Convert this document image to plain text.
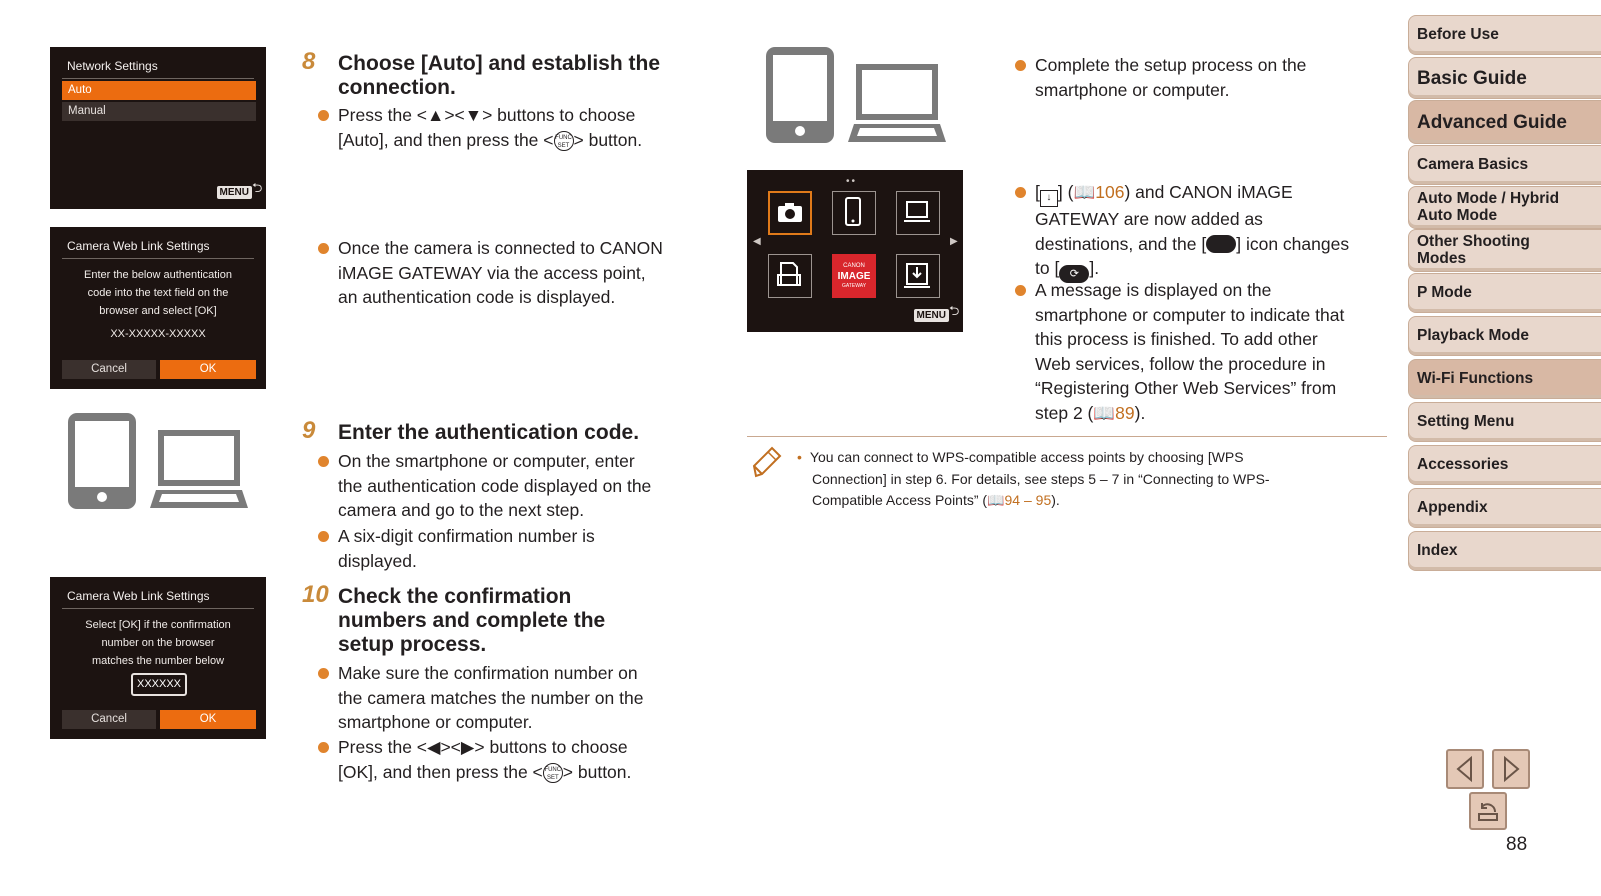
Network Settings
Auto
Manual
MENU ⮌
Camera Web Link Settings
Enter the below authentication
code into the text field on the
browser and select [OK]
XX-XXXXX-XXXXX
Cancel	OK
Camera Web Link Settings
Select [OK] if the confirmation
number on the browser
matches the number below
XXXXXX
Cancel	OK
8 Choose [Auto] and establish the
connection.
Press the <▲><▼> buttons to choose
[Auto], and then press the < FUNC
SET > button.
Once the camera is connected to CANON
iMAGE GATEWAY via the access point,
an authentication code is displayed.
9 Enter the authentication code.
On the smartphone or computer, enter
the authentication code displayed on the
camera and go to the next step.
A six-digit confirmation number is
displayed.
10 Check the confirmation
numbers and complete the
setup process.
Make sure the confirmation number on
the camera matches the number on the
smartphone or computer.
Press the <◀><▶> buttons to choose
[OK], and then press the < FUNC
SET > button.
Complete the setup process on the
smartphone or computer.
••
◀	▶
CANON
IMAGE
GATEWAY
MENU ⮌
[ ↓ ] (📖106) and CANON iMAGE
GATEWAY are now added as
destinations, and the [ ] icon changes
to [ ⟳ ].
A message is displayed on the
smartphone or computer to indicate that
this process is finished. To add other
Web services, follow the procedure in
“Registering Other Web Services” from
step 2 (📖89).
• You can connect to WPS-compatible access points by choosing [WPS
Connection] in step 6. For details, see steps 5 – 7 in “Connecting to WPS-
Compatible Access Points” (📖94 – 95).
Before Use
Basic Guide
Advanced Guide
Camera Basics
Auto Mode / Hybrid
Auto Mode
Other Shooting
Modes
P Mode
Playback Mode
Wi-Fi Functions
Setting Menu
Accessories
Appendix
Index
88
